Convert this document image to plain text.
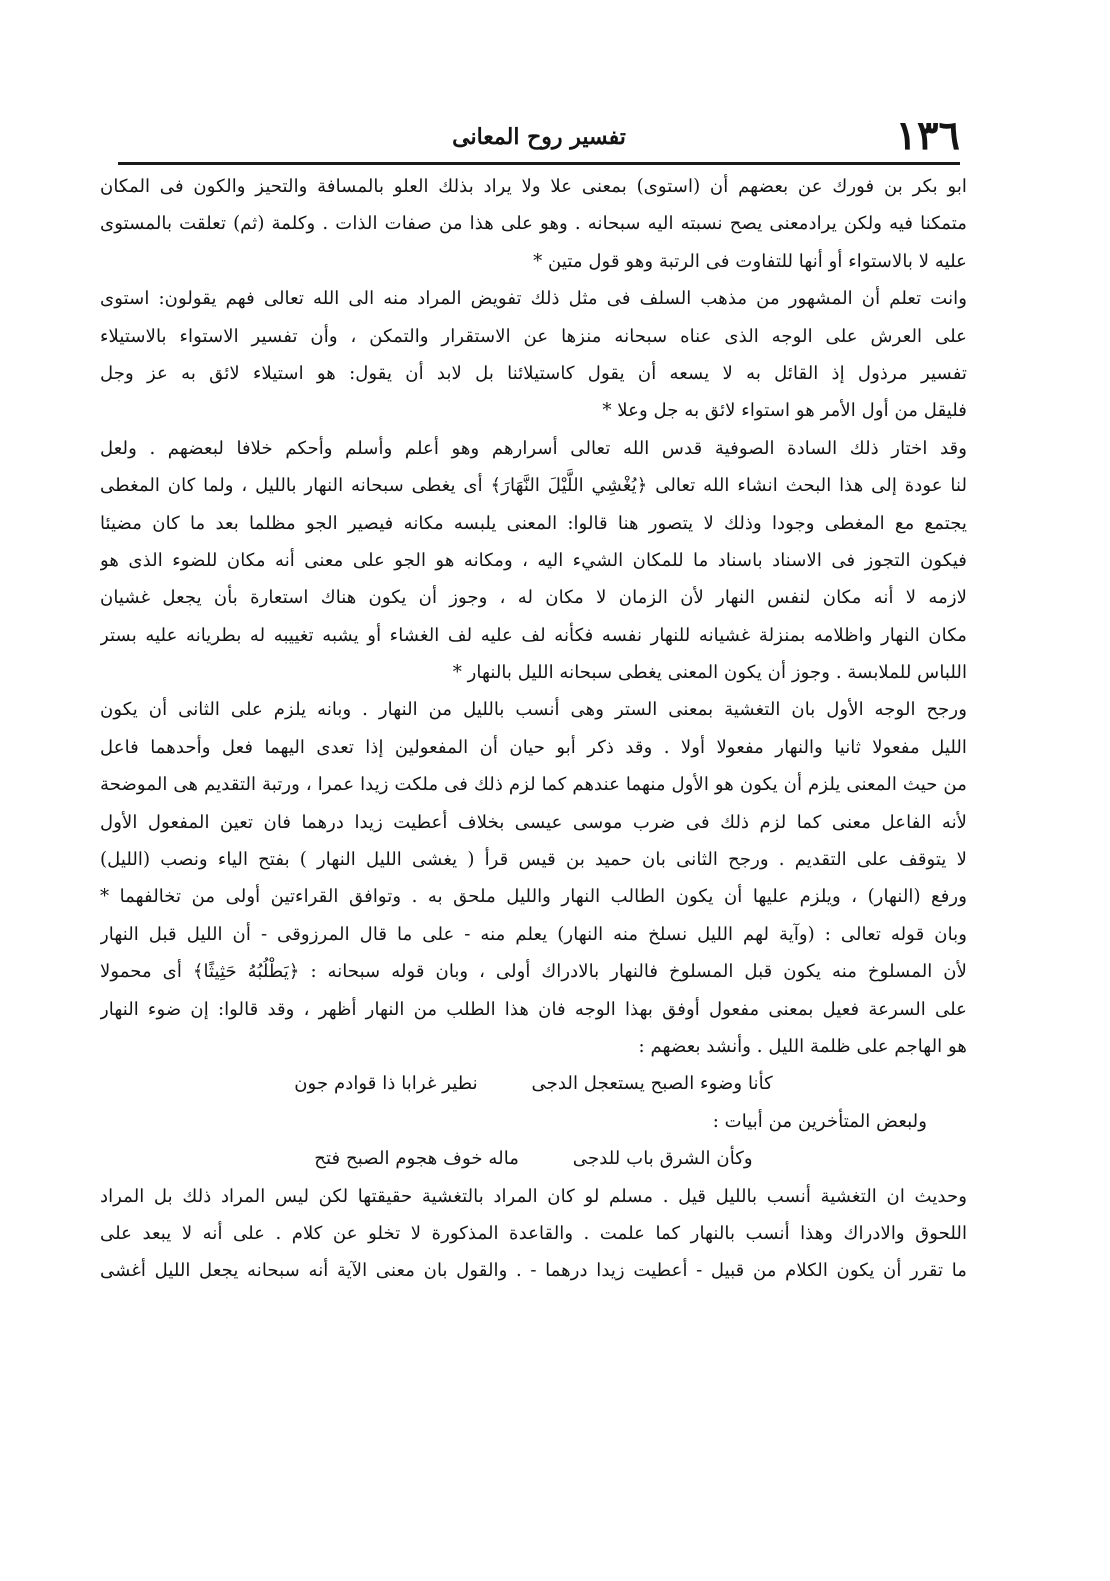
١٣٦
تفسير روح المعانى
ابو بكر بن فورك عن بعضهم أن (استوى) بمعنى علا ولا يراد بذلك العلو بالمسافة والتحيز والكون فى المكان
متمكنا فيه ولكن يرادمعنى يصح نسبته اليه سبحانه . وهو على هذا من صفات الذات . وكلمة (ثم) تعلقت بالمستوى
عليه لا بالاستواء أو أنها للتفاوت فى الرتبة وهو قول متين *
وانت تعلم أن المشهور من مذهب السلف فى مثل ذلك تفويض المراد منه الى الله تعالى فهم يقولون: استوى
على العرش على الوجه الذى عناه سبحانه منزها عن الاستقرار والتمكن ، وأن تفسير الاستواء بالاستيلاء
تفسير مرذول إذ القائل به لا يسعه أن يقول كاستيلائنا بل لابد أن يقول: هو استيلاء لائق به عز وجل
فليقل من أول الأمر هو استواء لائق به جل وعلا *
وقد اختار ذلك السادة الصوفية قدس الله تعالى أسرارهم وهو أعلم وأسلم وأحكم خلافا لبعضهم . ولعل
لنا عودة إلى هذا البحث انشاء الله تعالى ﴿يُغْشِي اللَّيْلَ النَّهَارَ﴾ أى يغطى سبحانه النهار بالليل ، ولما كان المغطى
يجتمع مع المغطى وجودا وذلك لا يتصور هنا قالوا: المعنى يلبسه مكانه فيصير الجو مظلما بعد ما كان مضيئا
فيكون التجوز فى الاسناد باسناد ما للمكان الشيء اليه ، ومكانه هو الجو على معنى أنه مكان للضوء الذى هو
لازمه لا أنه مكان لنفس النهار لأن الزمان لا مكان له ، وجوز أن يكون هناك استعارة بأن يجعل غشيان
مكان النهار واظلامه بمنزلة غشيانه للنهار نفسه فكأنه لف عليه لف الغشاء أو يشبه تغييبه له بطريانه عليه بستر
اللباس للملابسة . وجوز أن يكون المعنى يغطى سبحانه الليل بالنهار *
ورجح الوجه الأول بان التغشية بمعنى الستر وهى أنسب بالليل من النهار . وبانه يلزم على الثانى أن يكون
الليل مفعولا ثانيا والنهار مفعولا أولا . وقد ذكر أبو حيان أن المفعولين إذا تعدى اليهما فعل وأحدهما فاعل
من حيث المعنى يلزم أن يكون هو الأول منهما عندهم كما لزم ذلك فى ملكت زيدا عمرا ، ورتبة التقديم هى الموضحة
لأنه الفاعل معنى كما لزم ذلك فى ضرب موسى عيسى بخلاف أعطيت زيدا درهما فان تعين المفعول الأول
لا يتوقف على التقديم . ورجح الثانى بان حميد بن قيس قرأ ( يغشى الليل النهار ) بفتح الياء ونصب (الليل)
ورفع (النهار) ، ويلزم عليها أن يكون الطالب النهار والليل ملحق به . وتوافق القراءتين أولى من تخالفهما *
وبان قوله تعالى : (وآية لهم الليل نسلخ منه النهار) يعلم منه - على ما قال المرزوقى - أن الليل قبل النهار
لأن المسلوخ منه يكون قبل المسلوخ فالنهار بالادراك أولى ، وبان قوله سبحانه : ﴿يَطْلُبُهُ حَثِيثًا﴾ أى محمولا
على السرعة فعيل بمعنى مفعول أوفق بهذا الوجه فان هذا الطلب من النهار أظهر ، وقد قالوا: إن ضوء النهار
هو الهاجم على ظلمة الليل . وأنشد بعضهم :
كأنا وضوء الصبح يستعجل الدجى نطير غرابا ذا قوادم جون
ولبعض المتأخرين من أبيات :
وكأن الشرق باب للدجى ماله خوف هجوم الصبح فتح
وحديث ان التغشية أنسب بالليل قيل . مسلم لو كان المراد بالتغشية حقيقتها لكن ليس المراد ذلك بل المراد
اللحوق والادراك وهذا أنسب بالنهار كما علمت . والقاعدة المذكورة لا تخلو عن كلام . على أنه لا يبعد على
ما تقرر أن يكون الكلام من قبيل - أعطيت زيدا درهما - . والقول بان معنى الآية أنه سبحانه يجعل الليل أغشى
